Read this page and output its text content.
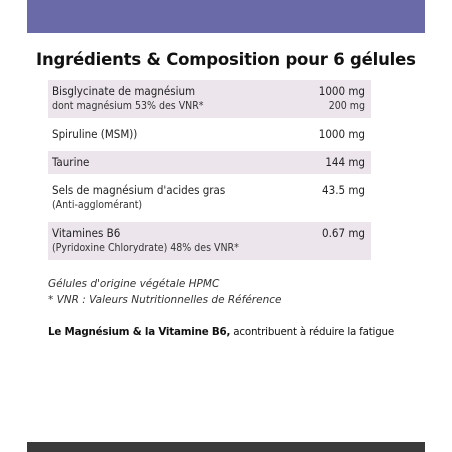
Ingrédients & Composition pour 6 gélules
Bisglycinate de magnésium	1000 mg
dont magnésium 53% des VNR*	200 mg
Spiruline (MSM))	1000 mg
Taurine	144 mg
Sels de magnésium d'acides gras	43.5 mg
(Anti-agglomérant)
Vitamines B6	0.67 mg
(Pyridoxine Chlorydrate) 48% des VNR*
Gélules d'origine végétale HPMC
* VNR : Valeurs Nutritionnelles de Référence
Le Magnésium & la Vitamine B6, acontribuent à réduire la fatigue
